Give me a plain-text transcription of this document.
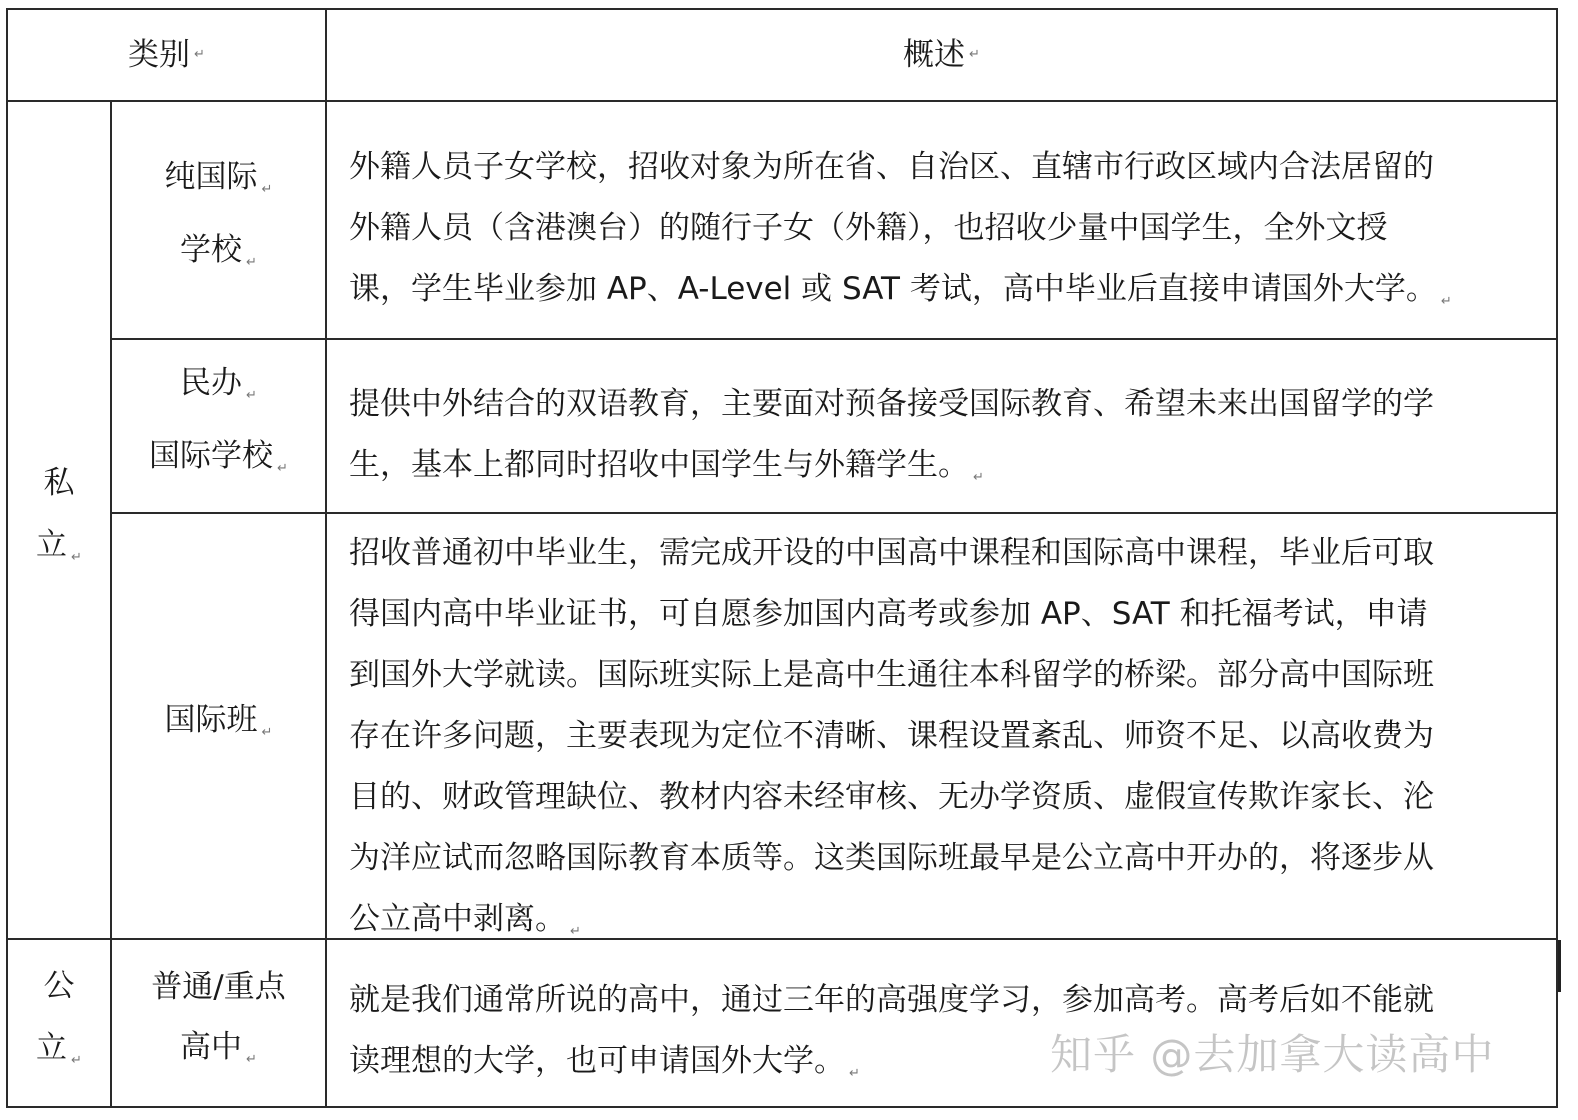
类别 ↵	概述 ↵
私
立 ↵
公
立 ↵
纯国际 ↵
学校 ↵
外籍人员子女学校，招收对象为所在省、自治区、直辖市行政区域内合法居留的
外籍人员（含港澳台）的随行子女（外籍），也招收少量中国学生，全外文授
课，学生毕业参加 AP、A-Level 或 SAT 考试，高中毕业后直接申请国外大学。 ↵
民办 ↵
国际学校 ↵
提供中外结合的双语教育，主要面对预备接受国际教育、希望未来出国留学的学
生，基本上都同时招收中国学生与外籍学生。 ↵
国际班 ↵
招收普通初中毕业生，需完成开设的中国高中课程和国际高中课程，毕业后可取
得国内高中毕业证书，可自愿参加国内高考或参加 AP、SAT 和托福考试，申请
到国外大学就读。国际班实际上是高中生通往本科留学的桥梁。部分高中国际班
存在许多问题，主要表现为定位不清晰、课程设置紊乱、师资不足、以高收费为
目的、财政管理缺位、教材内容未经审核、无办学资质、虚假宣传欺诈家长、沦
为洋应试而忽略国际教育本质等。这类国际班最早是公立高中开办的，将逐步从
公立高中剥离。 ↵
普通/重点
高中 ↵
就是我们通常所说的高中，通过三年的高强度学习，参加高考。高考后如不能就
读理想的大学，也可申请国外大学。 ↵	知乎 @去加拿大读高中
